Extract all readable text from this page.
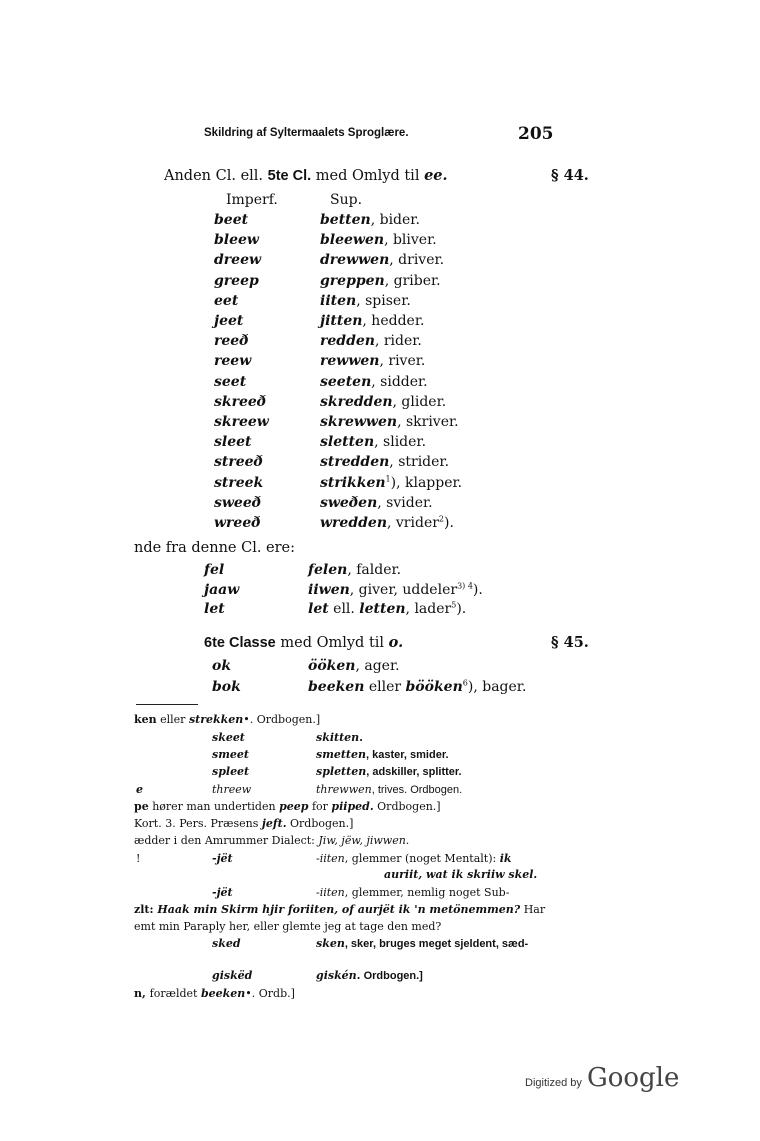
Skildring af Syltermaalets Sproglære.	205
Anden Cl. ell. 5te Cl. med Omlyd til ee.	§ 44.
Imperf.	Sup.
beet	betten, bider.
bleew	bleewen, bliver.
dreew	drewwen, driver.
greep	greppen, griber.
eet	iiten, spiser.
jeet	jitten, hedder.
reeð	redden, rider.
reew	rewwen, river.
seet	seeten, sidder.
skreeð	skredden, glider.
skreew	skrewwen, skriver.
sleet	sletten, slider.
streeð	stredden, strider.
streek	strikken$^1$), klapper.
sweeð	sweðen, svider.
wreeð	wredden, vrider$^2$).
nde fra denne Cl. ere:
fel	felen, falder.
jaaw	iiwen, giver, uddeler$^{3) 4}$).
let	let ell. letten, lader$^5$).
6te Classe med Omlyd til o.	§ 45.
ok	ööken, ager.
bok	beeken eller bööken$^6$), bager.
ken eller strekken•. Ordbogen.]
skeet	skitten.
smeet	smetten, kaster, smider.
spleet	spletten, adskiller, splitter.
e	threew	threwwen, trives. Ordbogen.
pe hører man undertiden peep for piiped. Ordbogen.]
Kort. 3. Pers. Præsens jeft. Ordbogen.]
ædder i den Amrummer Dialect: Jiw, jëw, jiwwen.
!	-jët	-iiten, glemmer (noget Mentalt): ik
auriit, wat ik skriiw skel.
-jët	-iiten, glemmer, nemlig noget Sub-
zlt: Haak min Skirm hjir foriiten, of aurjët ik 'n metönemmen? Har
emt min Paraply her, eller glemte jeg at tage den med?
sked	sken, sker, bruges meget sjeldent, sæd-
giskëd	giskén. Ordbogen.]
n, forældet beeken•. Ordb.]
Digitized by Google
